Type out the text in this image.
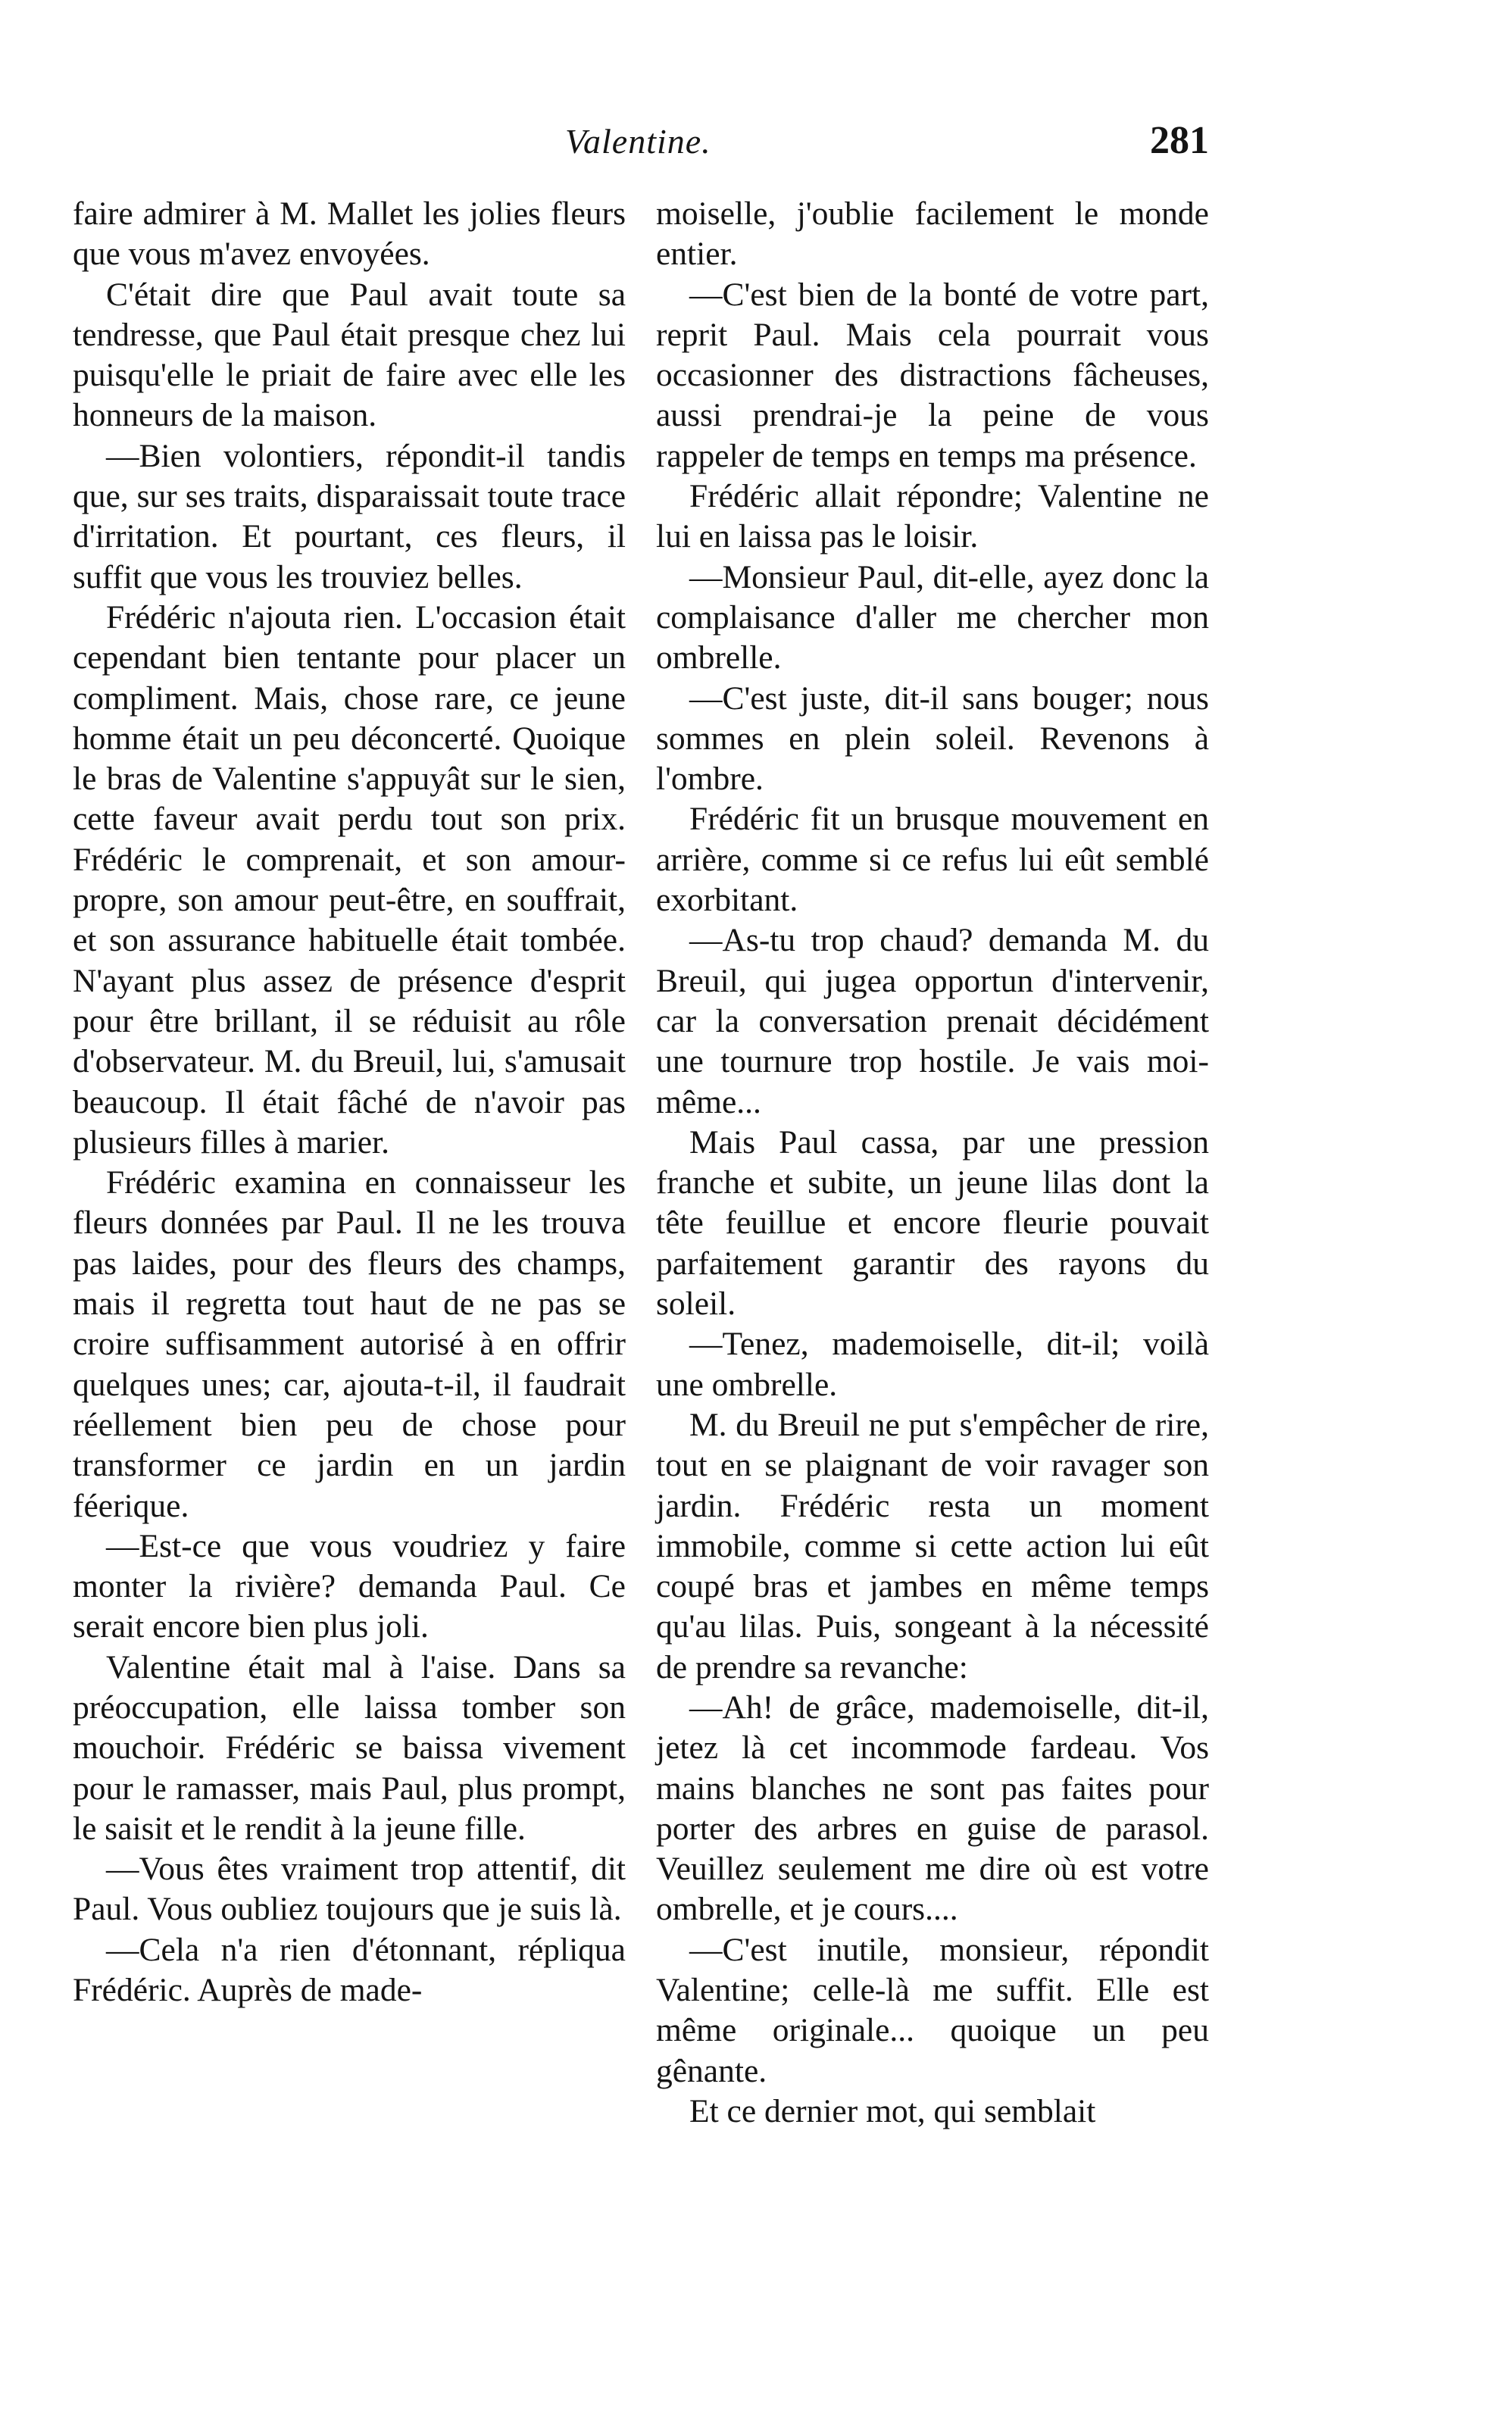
Valentine.	281

faire admirer à M. Mallet les jolies fleurs que vous m'avez envoyées.

C'était dire que Paul avait toute sa tendresse, que Paul était presque chez lui puisqu'elle le priait de faire avec elle les honneurs de la maison.

—Bien volontiers, répondit-il tandis que, sur ses traits, disparaissait toute trace d'irritation. Et pourtant, ces fleurs, il suffit que vous les trouviez belles.

Frédéric n'ajouta rien. L'occasion était cependant bien tentante pour placer un compliment. Mais, chose rare, ce jeune homme était un peu déconcerté. Quoique le bras de Valentine s'appuyât sur le sien, cette faveur avait perdu tout son prix. Frédéric le comprenait, et son amour-propre, son amour peut-être, en souffrait, et son assurance habituelle était tombée. N'ayant plus assez de présence d'esprit pour être brillant, il se réduisit au rôle d'observateur. M. du Breuil, lui, s'amusait beaucoup. Il était fâché de n'avoir pas plusieurs filles à marier.

Frédéric examina en connaisseur les fleurs données par Paul. Il ne les trouva pas laides, pour des fleurs des champs, mais il regretta tout haut de ne pas se croire suffisamment autorisé à en offrir quelques unes; car, ajouta-t-il, il faudrait réellement bien peu de chose pour transformer ce jardin en un jardin féerique.

—Est-ce que vous voudriez y faire monter la rivière? demanda Paul. Ce serait encore bien plus joli.

Valentine était mal à l'aise. Dans sa préoccupation, elle laissa tomber son mouchoir. Frédéric se baissa vivement pour le ramasser, mais Paul, plus prompt, le saisit et le rendit à la jeune fille.

—Vous êtes vraiment trop attentif, dit Paul. Vous oubliez toujours que je suis là.

—Cela n'a rien d'étonnant, répliqua Frédéric. Auprès de made-

moiselle, j'oublie facilement le monde entier.

—C'est bien de la bonté de votre part, reprit Paul. Mais cela pourrait vous occasionner des distractions fâcheuses, aussi prendrai-je la peine de vous rappeler de temps en temps ma présence.

Frédéric allait répondre; Valentine ne lui en laissa pas le loisir.

—Monsieur Paul, dit-elle, ayez donc la complaisance d'aller me chercher mon ombrelle.

—C'est juste, dit-il sans bouger; nous sommes en plein soleil. Revenons à l'ombre.

Frédéric fit un brusque mouvement en arrière, comme si ce refus lui eût semblé exorbitant.

—As-tu trop chaud? demanda M. du Breuil, qui jugea opportun d'intervenir, car la conversation prenait décidément une tournure trop hostile. Je vais moi-même...

Mais Paul cassa, par une pression franche et subite, un jeune lilas dont la tête feuillue et encore fleurie pouvait parfaitement garantir des rayons du soleil.

—Tenez, mademoiselle, dit-il; voilà une ombrelle.

M. du Breuil ne put s'empêcher de rire, tout en se plaignant de voir ravager son jardin. Frédéric resta un moment immobile, comme si cette action lui eût coupé bras et jambes en même temps qu'au lilas. Puis, songeant à la nécessité de prendre sa revanche:

—Ah! de grâce, mademoiselle, dit-il, jetez là cet incommode fardeau. Vos mains blanches ne sont pas faites pour porter des arbres en guise de parasol. Veuillez seulement me dire où est votre ombrelle, et je cours....

—C'est inutile, monsieur, répondit Valentine; celle-là me suffit. Elle est même originale... quoique un peu gênante.

Et ce dernier mot, qui semblait
